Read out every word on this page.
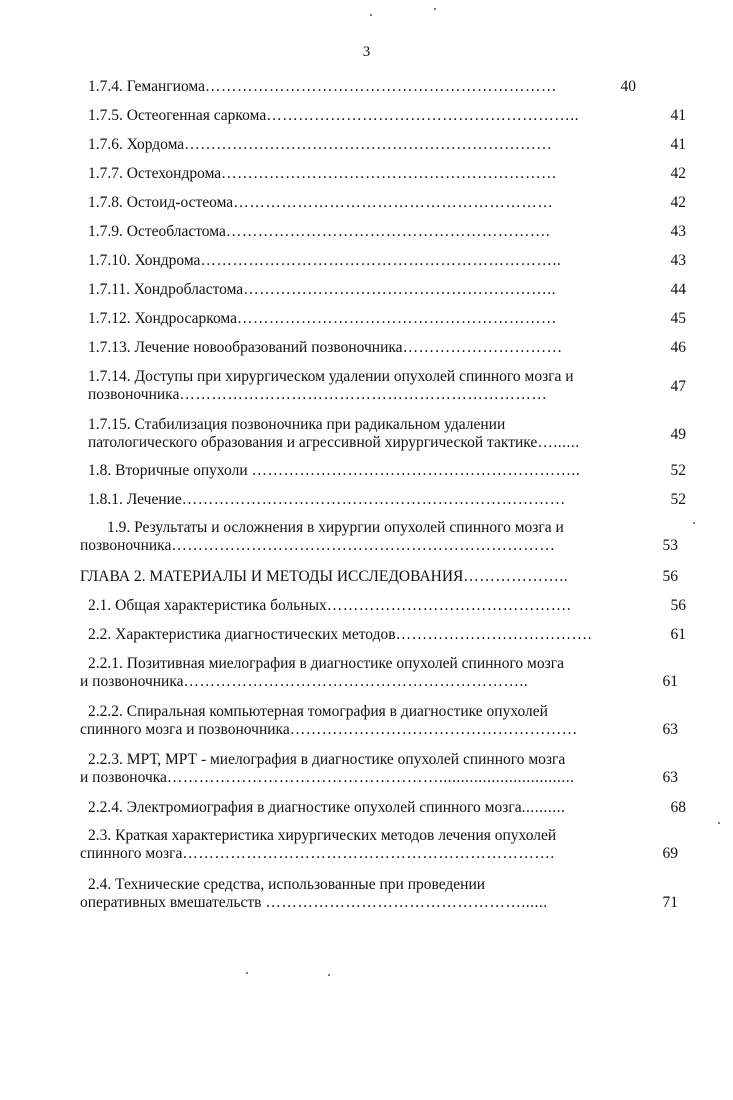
3
1.7.4. Гемангиома…………………………………………………………	40
1.7.5. Остеогенная саркома…………………………………………………..	41
1.7.6. Хордома……………………………………………………………	41
1.7.7. Остехондрома………………………………………………………	42
1.7.8. Остоид-остеома……………………………………………………	42
1.7.9. Остеобластома…………………………………………………….	43
1.7.10. Хондрома…………………………………………………………..	43
1.7.11. Хондробластома…………………………………………………..	44
1.7.12. Хондросаркома……………………………………………………	45
1.7.13. Лечение новообразований позвоночника…………………………	46
1.7.14. Доступы при хирургическом удалении опухолей спинного мозга и
позвоночника……………………………………………………………	47
1.7.15. Стабилизация позвоночника при радикальном удалении
патологического образования и агрессивной хирургической тактике…......	49
1.8. Вторичные опухоли ……………………………………………………..	52
1.8.1. Лечение………………………………………………………………	52
1.9. Результаты и осложнения в хирургии опухолей спинного мозга и
позвоночника………………………………………………………………	53
ГЛАВА 2. МАТЕРИАЛЫ И МЕТОДЫ ИССЛЕДОВАНИЯ………………..	56
2.1. Общая характеристика больных……………………………………….	56
2.2. Характеристика диагностических методов……………………………….	61
2.2.1. Позитивная миелография в диагностике опухолей спинного мозга
и позвоночника………………………………………………………..	61
2.2.2. Спиральная компьютерная томография в диагностике опухолей
спинного мозга и позвоночника………………………………………………	63
2.2.3. МРТ, МРТ - миелография в диагностике опухолей спинного мозга
и позвоночка……………………………………………...............................	63
2.2.4. Электромиография в диагностике опухолей спинного мозга..........	68
2.3. Краткая характеристика хирургических методов лечения опухолей
спинного мозга…………………………………………………………….	69
2.4. Технические средства, использованные при проведении
оперативных вмешательств …………………………………………......	71
